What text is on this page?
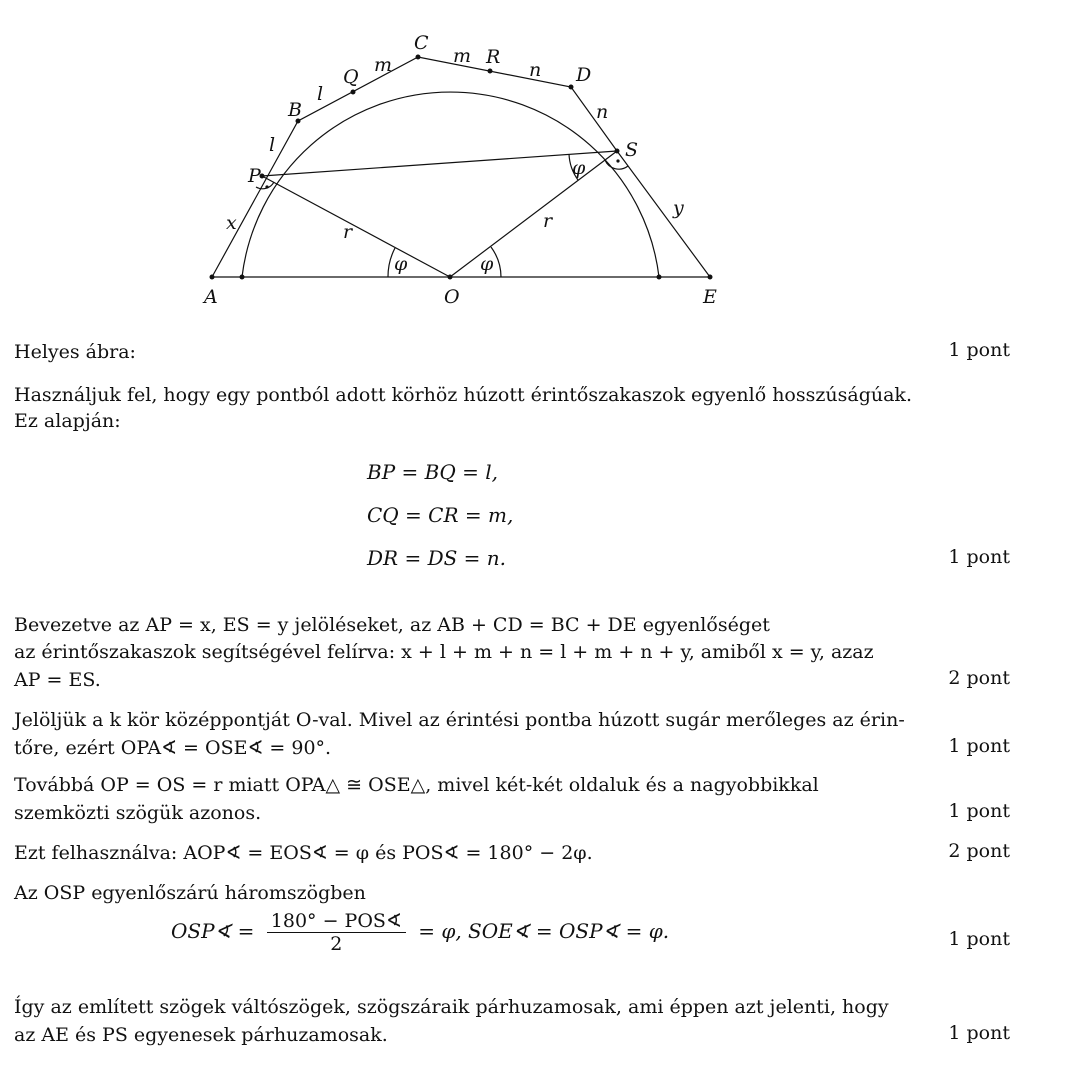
A	O	E
P
S
B
Q
C
R
D
x
y
r	r
l
l
m	m
n
n
φ	φ
φ
Helyes ábra:	1 pont
Használjuk fel, hogy egy pontból adott körhöz húzott érintőszakaszok egyenlő hosszúságúak.
Ez alapján:
BP = BQ = l,
CQ = CR = m,
DR = DS = n.	1 pont
Bevezetve az AP = x, ES = y jelöléseket, az AB + CD = BC + DE egyenlőséget
az érintőszakaszok segítségével felírva: x + l + m + n = l + m + n + y, amiből x = y, azaz
AP = ES.	2 pont
Jelöljük a k kör középpontját O-val. Mivel az érintési pontba húzott sugár merőleges az érin-
tőre, ezért OPA∢ = OSE∢ = 90°.	1 pont
Továbbá OP = OS = r miatt OPA△ ≅ OSE△, mivel két-két oldaluk és a nagyobbikkal
szemközti szögük azonos.	1 pont
Ezt felhasználva: AOP∢ = EOS∢ = φ és POS∢ = 180° − 2φ.	2 pont
Az OSP egyenlőszárú háromszögben
OSP∢ = $\frac{\text{180° − POS∢}}{2} = \varphi$, SOE∢ = OSP∢ = φ.	1 pont
Így az említett szögek váltószögek, szögszáraik párhuzamosak, ami éppen azt jelenti, hogy
az AE és PS egyenesek párhuzamosak.	1 pont
